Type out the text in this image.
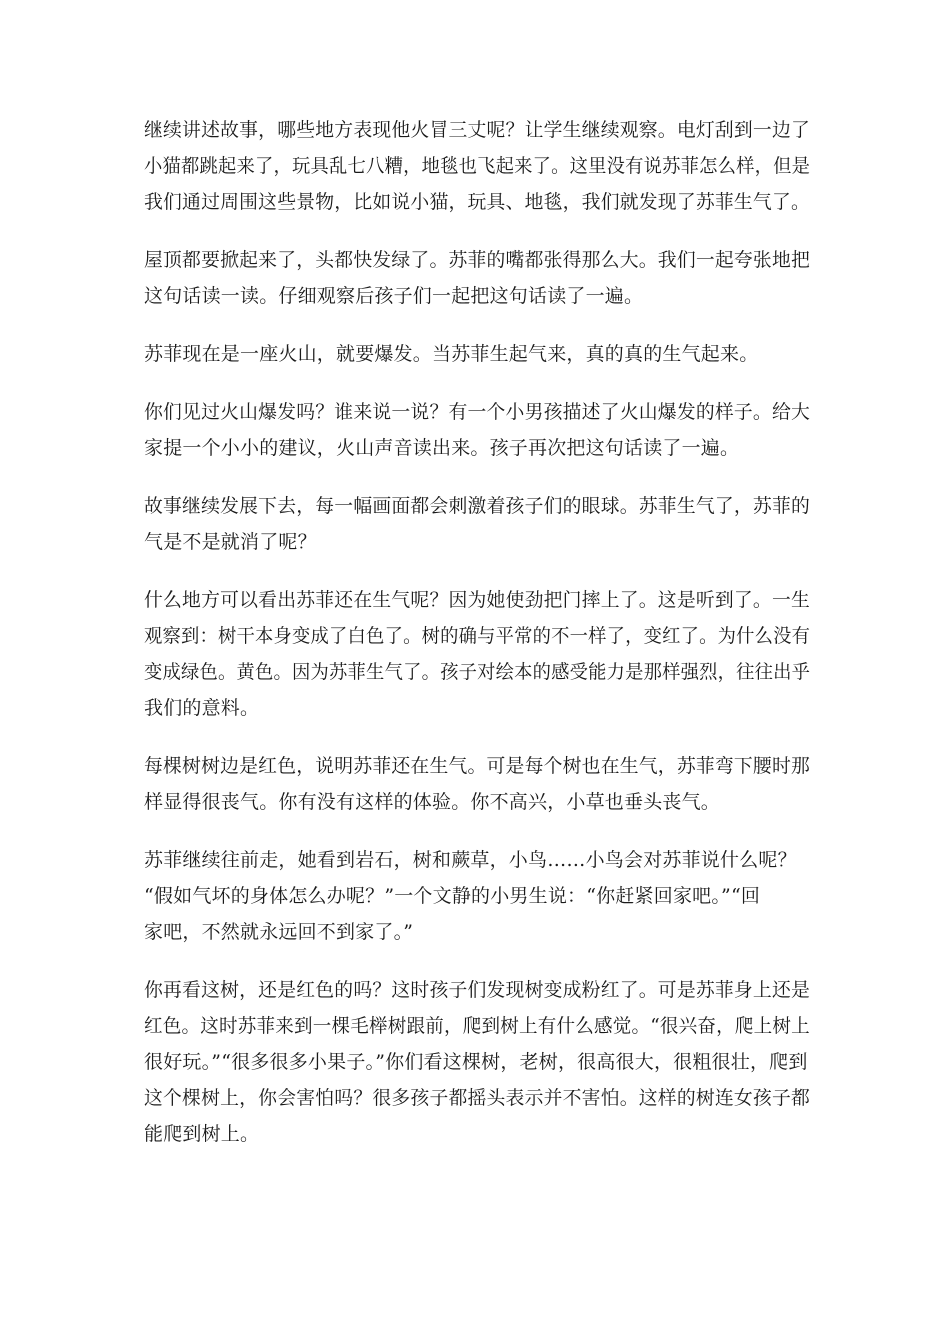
继续讲述故事，哪些地方表现他火冒三丈呢？让学生继续观察。电灯刮到一边了
小猫都跳起来了，玩具乱七八糟，地毯也飞起来了。这里没有说苏菲怎么样，但是
我们通过周围这些景物，比如说小猫，玩具、地毯，我们就发现了苏菲生气了。

屋顶都要掀起来了，头都快发绿了。苏菲的嘴都张得那么大。我们一起夸张地把
这句话读一读。仔细观察后孩子们一起把这句话读了一遍。

苏菲现在是一座火山，就要爆发。当苏菲生起气来，真的真的生气起来。

你们见过火山爆发吗？谁来说一说？有一个小男孩描述了火山爆发的样子。给大
家提一个小小的建议，火山声音读出来。孩子再次把这句话读了一遍。

故事继续发展下去，每一幅画面都会刺激着孩子们的眼球。苏菲生气了，苏菲的
气是不是就消了呢？

什么地方可以看出苏菲还在生气呢？因为她使劲把门摔上了。这是听到了。一生
观察到：树干本身变成了白色了。树的确与平常的不一样了，变红了。为什么没有
变成绿色。黄色。因为苏菲生气了。孩子对绘本的感受能力是那样强烈，往往出乎
我们的意料。

每棵树树边是红色，说明苏菲还在生气。可是每个树也在生气，苏菲弯下腰时那
样显得很丧气。你有没有这样的体验。你不高兴，小草也垂头丧气。

苏菲继续往前走，她看到岩石，树和蕨草，小鸟……小鸟会对苏菲说什么呢？
“假如气坏的身体怎么办呢？”一个文静的小男生说：“你赶紧回家吧。”“回
家吧，不然就永远回不到家了。”

你再看这树，还是红色的吗？这时孩子们发现树变成粉红了。可是苏菲身上还是
红色。这时苏菲来到一棵毛榉树跟前，爬到树上有什么感觉。“很兴奋，爬上树上
很好玩。”“很多很多小果子。”你们看这棵树，老树，很高很大，很粗很壮，爬到
这个棵树上，你会害怕吗？很多孩子都摇头表示并不害怕。这样的树连女孩子都
能爬到树上。
